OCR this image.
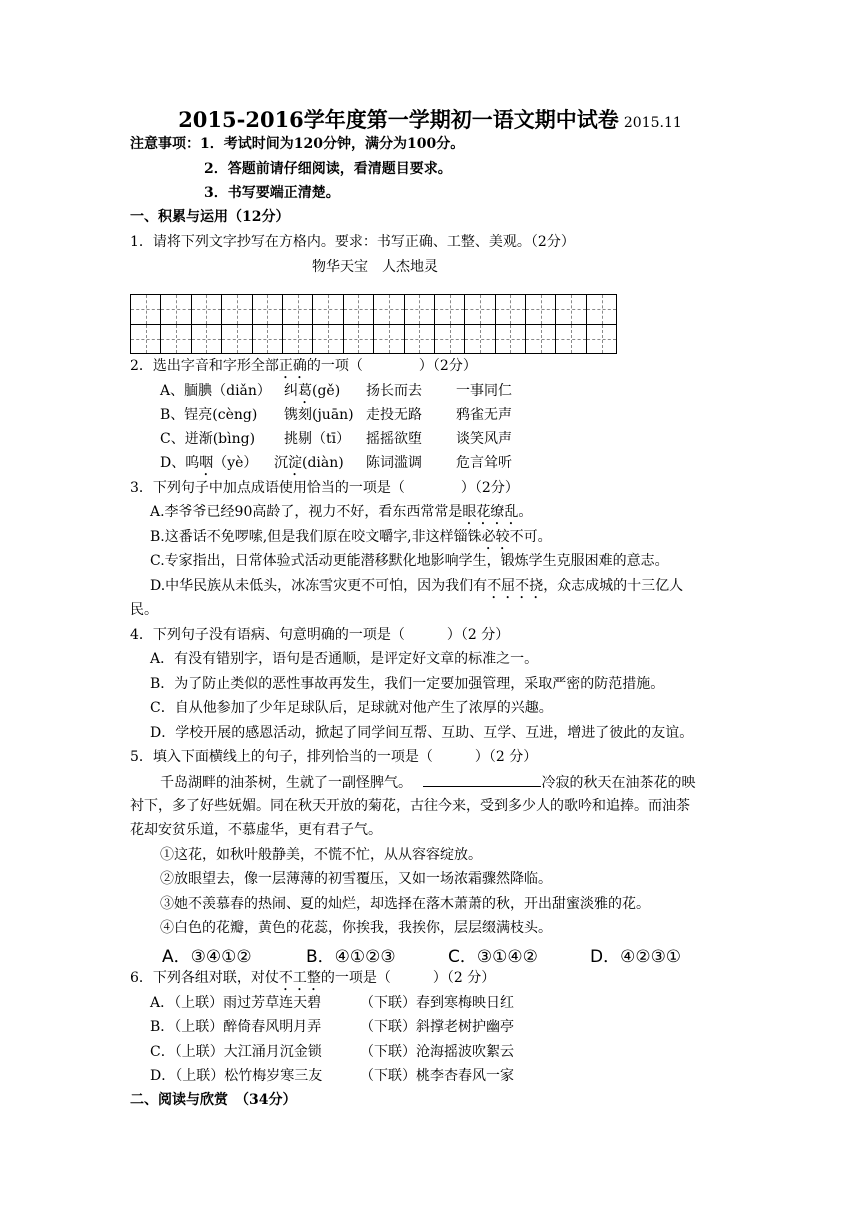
2015-2016学年度第一学期初一语文期中试卷 2015.11
注意事项：1．考试时间为120分钟，满分为100分。
2．答题前请仔细阅读，看清题目要求。
3．书写要端正清楚。
一、积累与运用（12分）
1．请将下列文字抄写在方格内。要求：书写正确、工整、美观。（2分）
物华天宝　人杰地灵

2．选出字音和字形全部正确的一项（　　　　）（2分）
A、腼腆（diǎn） 纠葛(gě) 扬长而去 一事同仁
B、锃亮(cèng) 镌刻(juān) 走投无路 鸦雀无声
C、迸渐(bìng) 挑剔（tī） 摇摇欲堕 谈笑风声
D、呜咽（yè） 沉淀(diàn) 陈词滥调 危言耸听
3．下列句子中加点成语使用恰当的一项是（　　　　）（2分）
A.李爷爷已经90高龄了，视力不好，看东西常常是眼花缭乱。
B.这番话不免啰嗦,但是我们原在咬文嚼字,非这样锱铢必较不可。
C.专家指出，日常体验式活动更能潜移默化地影响学生，锻炼学生克服困难的意志。
D.中华民族从未低头，冰冻雪灾更不可怕，因为我们有不屈不挠，众志成城的十三亿人
民。
4．下列句子没有语病、句意明确的一项是（　　　）（2 分）
A．有没有错别字，语句是否通顺，是评定好文章的标准之一。
B．为了防止类似的恶性事故再发生，我们一定要加强管理，采取严密的防范措施。
C．自从他参加了少年足球队后，足球就对他产生了浓厚的兴趣。
D．学校开展的感恩活动，掀起了同学间互帮、互助、互学、互进，增进了彼此的友谊。
5．填入下面横线上的句子，排列恰当的一项是（　　　）（2 分）
千岛湖畔的油茶树，生就了一副怪脾气。　	冷寂的秋天在油茶花的映
衬下，多了好些妩媚。同在秋天开放的菊花，古往今来，受到多少人的歌吟和追捧。而油茶
花却安贫乐道，不慕虚华，更有君子气。
①这花，如秋叶般静美，不慌不忙，从从容容绽放。
②放眼望去，像一层薄薄的初雪覆压，又如一场浓霜骤然降临。
③她不羡慕春的热闹、夏的灿烂，却选择在落木萧萧的秋，开出甜蜜淡雅的花。
④白色的花瓣，黄色的花蕊，你挨我，我挨你，层层缀满枝头。
A．③④①②	B．④①②③	C．③①④②	D．④②③①
6．下列各组对联，对仗不工整的一项是（　　　）（2 分）
A．（上联）雨过芳草连天碧	（下联）春到寒梅映日红
B．（上联）醉倚春风明月弄	（下联）斜撑老树护幽亭
C．（上联）大江涌月沉金锁	（下联）沧海摇波吹絮云
D．（上联）松竹梅岁寒三友	（下联）桃李杏春风一家
二、阅读与欣赏　（34分）
